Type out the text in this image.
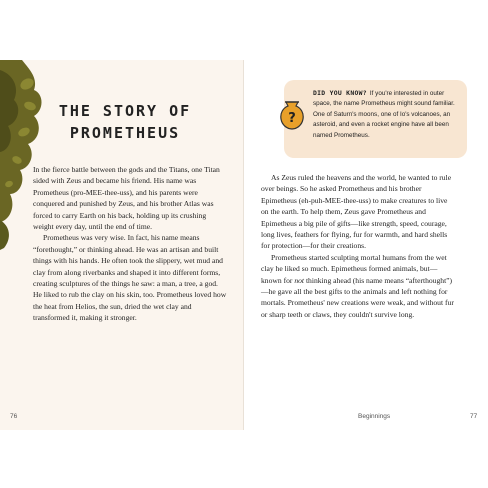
THE STORY OF
PROMETHEUS

In the fierce battle between the gods and the Titans, one Titan sided with Zeus and became his friend. His name was Prometheus (pro-MEE-thee-uss), and his parents were conquered and punished by Zeus, and his brother Atlas was forced to carry Earth on his back, holding up its crushing weight every day, until the end of time.

Prometheus was very wise. In fact, his name means “forethought,” or thinking ahead. He was an artisan and built things with his hands. He often took the slippery, wet mud and clay from along riverbanks and shaped it into different forms, creating sculptures of the things he saw: a man, a tree, a god. He liked to rub the clay on his skin, too. Prometheus loved how the heat from Helios, the sun, dried the wet clay and transformed it, making it stronger.

?
DID YOU KNOW? If you're interested in outer space, the name Prometheus might sound familiar. One of Saturn's moons, one of Io's volcanoes, an asteroid, and even a rocket engine have all been named Prometheus.

As Zeus ruled the heavens and the world, he wanted to rule over beings. So he asked Prometheus and his brother Epimetheus (eh-puh-MEE-thee-uss) to make creatures to live on the earth. To help them, Zeus gave Prometheus and Epimetheus a big pile of gifts—like strength, speed, courage, long lives, feathers for flying, fur for warmth, and hard shells for protection—for their creations.

Prometheus started sculpting mortal humans from the wet clay he liked so much. Epimetheus formed animals, but—known for not thinking ahead (his name means “afterthought”)—he gave all the best gifts to the animals and left nothing for mortals. Prometheus' new creations were weak, and without fur or sharp teeth or claws, they couldn't survive long.

76	Beginnings	77
